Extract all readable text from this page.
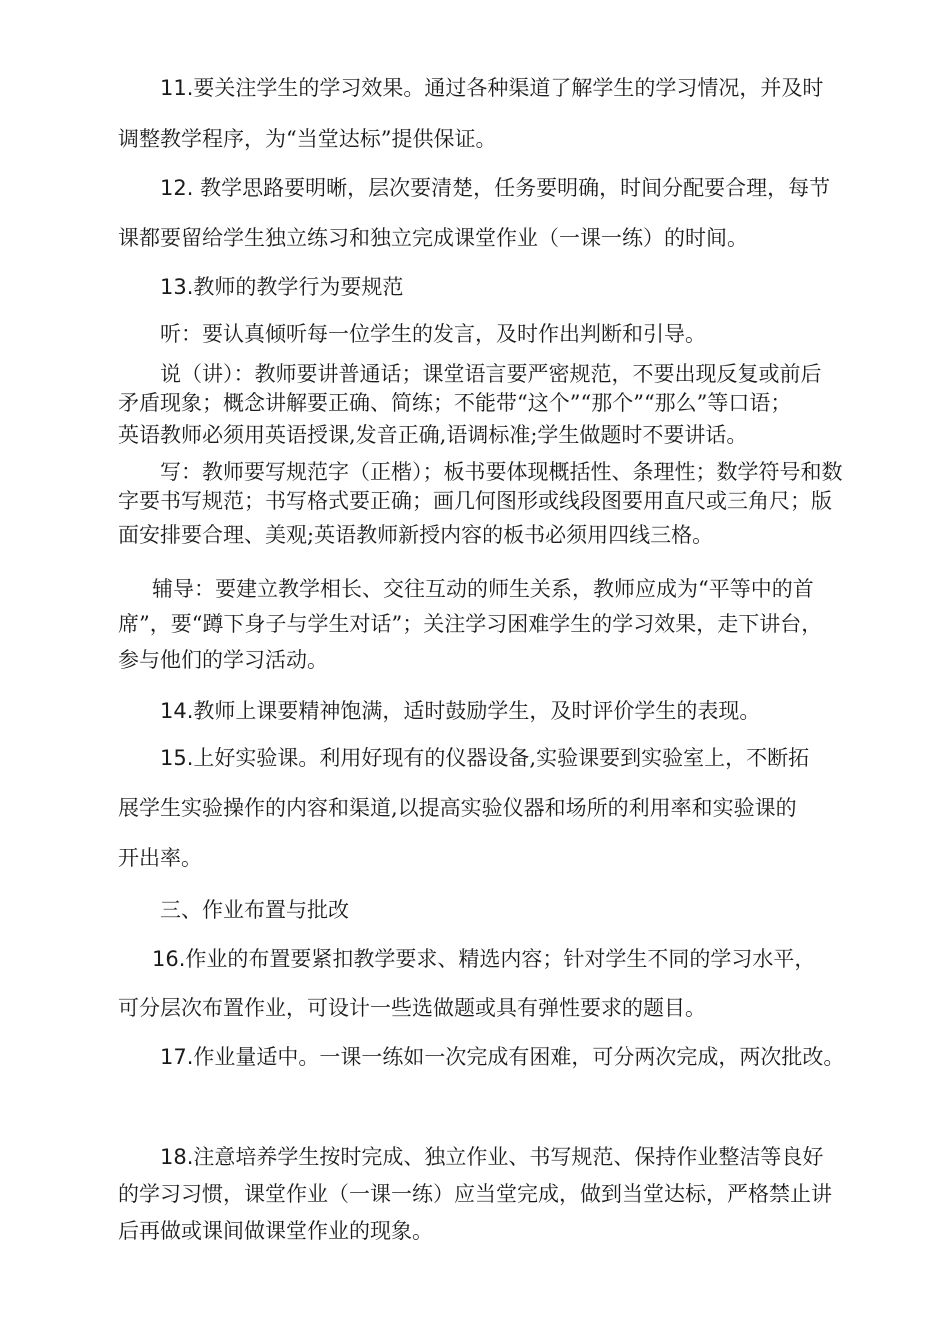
11.要关注学生的学习效果。通过各种渠道了解学生的学习情况，并及时
调整教学程序，为“当堂达标”提供保证。
12. 教学思路要明晰，层次要清楚，任务要明确，时间分配要合理，每节
课都要留给学生独立练习和独立完成课堂作业（一课一练）的时间。
13.教师的教学行为要规范
听：要认真倾听每一位学生的发言，及时作出判断和引导。
说（讲）：教师要讲普通话；课堂语言要严密规范，不要出现反复或前后
矛盾现象；概念讲解要正确、简练；不能带“这个”“那个”“那么”等口语；
英语教师必须用英语授课,发音正确,语调标准;学生做题时不要讲话。
写：教师要写规范字（正楷）；板书要体现概括性、条理性；数学符号和数
字要书写规范；书写格式要正确；画几何图形或线段图要用直尺或三角尺；版
面安排要合理、美观;英语教师新授内容的板书必须用四线三格。
辅导：要建立教学相长、交往互动的师生关系，教师应成为“平等中的首
席”，要“蹲下身子与学生对话”；关注学习困难学生的学习效果，走下讲台，
参与他们的学习活动。
14.教师上课要精神饱满，适时鼓励学生，及时评价学生的表现。
15.上好实验课。利用好现有的仪器设备,实验课要到实验室上，不断拓
展学生实验操作的内容和渠道,以提高实验仪器和场所的利用率和实验课的
开出率。
三、作业布置与批改
16.作业的布置要紧扣教学要求、精选内容；针对学生不同的学习水平，
可分层次布置作业，可设计一些选做题或具有弹性要求的题目。
17.作业量适中。一课一练如一次完成有困难，可分两次完成，两次批改。
18.注意培养学生按时完成、独立作业、书写规范、保持作业整洁等良好
的学习习惯，课堂作业（一课一练）应当堂完成，做到当堂达标，严格禁止讲
后再做或课间做课堂作业的现象。
